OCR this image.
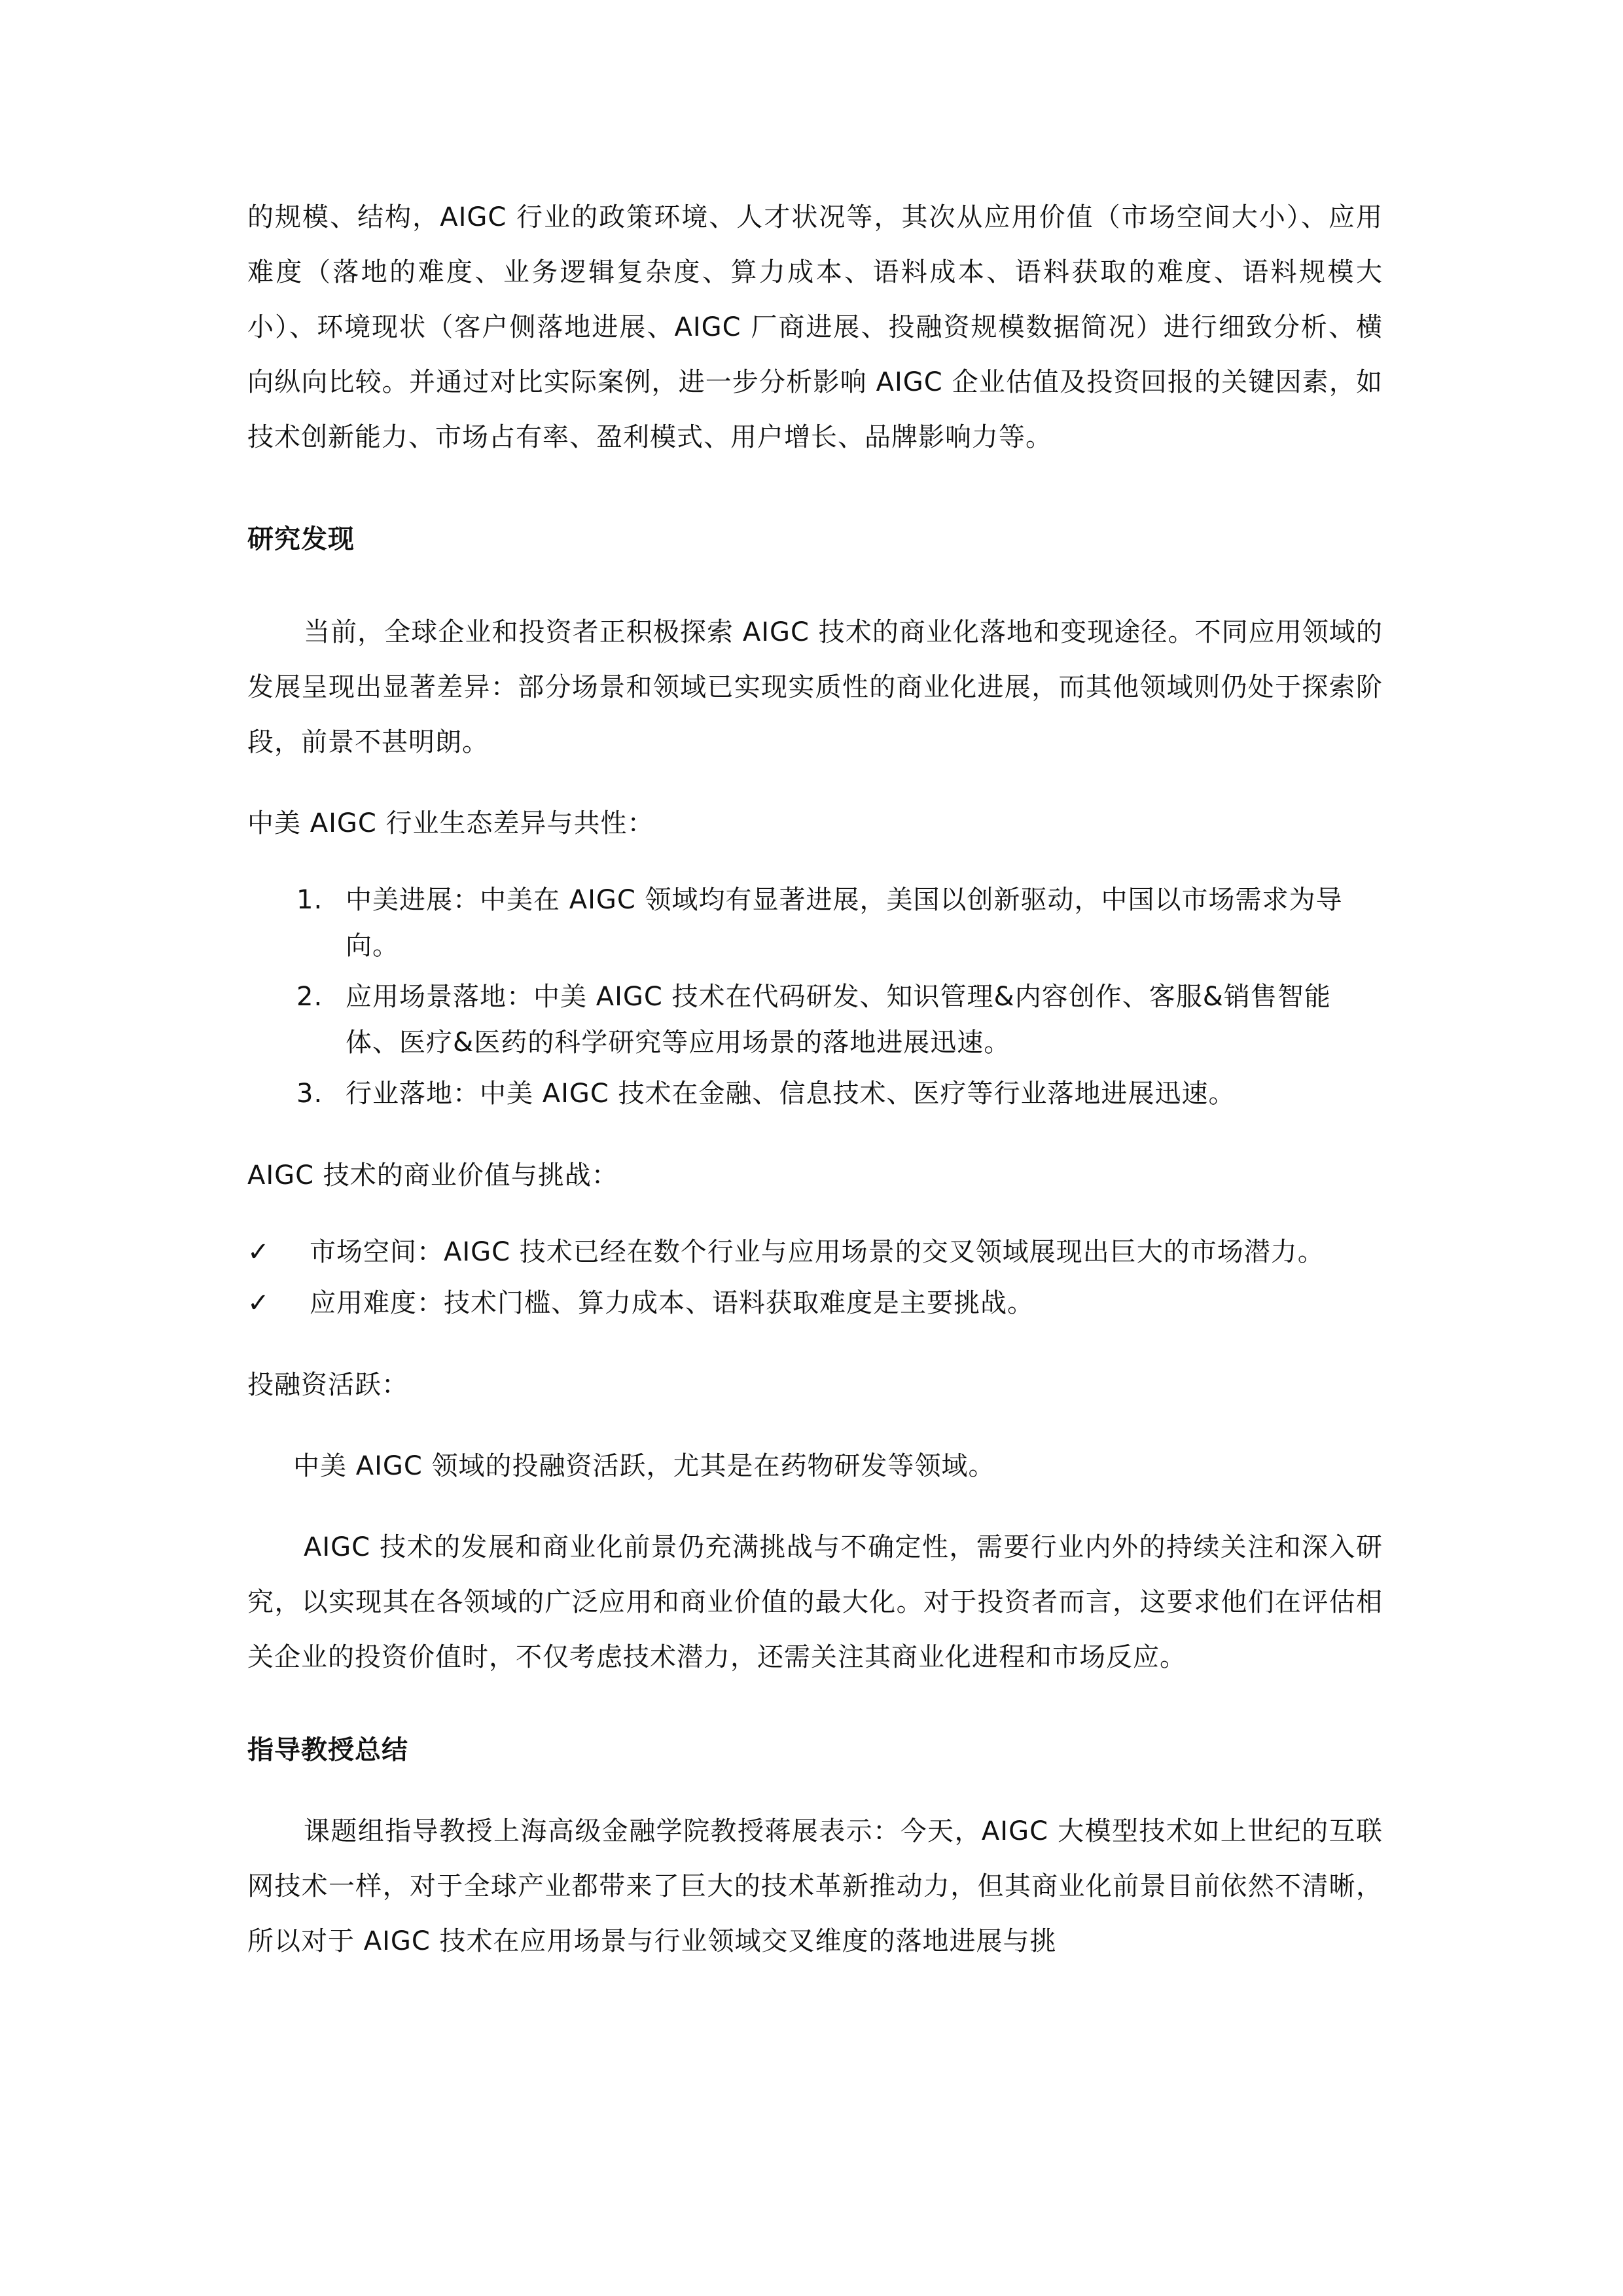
的规模、结构，AIGC 行业的政策环境、人才状况等，其次从应用价值（市场空间大小）、应用难度（落地的难度、业务逻辑复杂度、算力成本、语料成本、语料获取的难度、语料规模大小）、环境现状（客户侧落地进展、AIGC 厂商进展、投融资规模数据简况）进行细致分析、横向纵向比较。并通过对比实际案例，进一步分析影响 AIGC 企业估值及投资回报的关键因素，如技术创新能力、市场占有率、盈利模式、用户增长、品牌影响力等。

研究发现

当前，全球企业和投资者正积极探索 AIGC 技术的商业化落地和变现途径。不同应用领域的发展呈现出显著差异：部分场景和领域已实现实质性的商业化进展，而其他领域则仍处于探索阶段，前景不甚明朗。

中美 AIGC 行业生态差异与共性：

1. 中美进展：中美在 AIGC 领域均有显著进展，美国以创新驱动，中国以市场需求为导向。
2. 应用场景落地：中美 AIGC 技术在代码研发、知识管理&内容创作、客服&销售智能体、医疗&医药的科学研究等应用场景的落地进展迅速。
3. 行业落地：中美 AIGC 技术在金融、信息技术、医疗等行业落地进展迅速。

AIGC 技术的商业价值与挑战：

✓ 市场空间：AIGC 技术已经在数个行业与应用场景的交叉领域展现出巨大的市场潜力。
✓ 应用难度：技术门槛、算力成本、语料获取难度是主要挑战。

投融资活跃：

中美 AIGC 领域的投融资活跃，尤其是在药物研发等领域。

AIGC 技术的发展和商业化前景仍充满挑战与不确定性，需要行业内外的持续关注和深入研究，以实现其在各领域的广泛应用和商业价值的最大化。对于投资者而言，这要求他们在评估相关企业的投资价值时，不仅考虑技术潜力，还需关注其商业化进程和市场反应。

指导教授总结

课题组指导教授上海高级金融学院教授蒋展表示：今天，AIGC 大模型技术如上世纪的互联网技术一样，对于全球产业都带来了巨大的技术革新推动力，但其商业化前景目前依然不清晰，所以对于 AIGC 技术在应用场景与行业领域交叉维度的落地进展与挑
